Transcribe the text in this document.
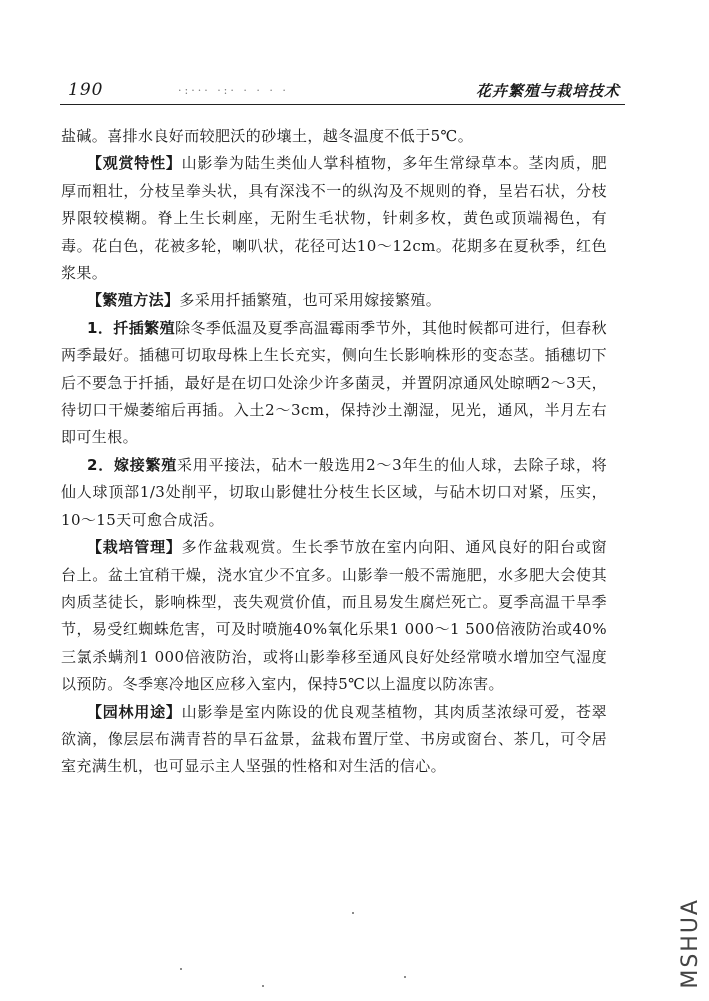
190	·:··· ·:· · · · ·	花卉繁殖与栽培技术

盐碱。喜排水良好而较肥沃的砂壤土，越冬温度不低于5℃。

【观赏特性】山影拳为陆生类仙人掌科植物，多年生常绿草本。茎肉质，肥厚而粗壮，分枝呈拳头状，具有深浅不一的纵沟及不规则的脊，呈岩石状，分枝界限较模糊。脊上生长刺座，无附生毛状物，针刺多枚，黄色或顶端褐色，有毒。花白色，花被多轮，喇叭状，花径可达10～12cm。花期多在夏秋季，红色浆果。

【繁殖方法】多采用扦插繁殖，也可采用嫁接繁殖。

1．扦插繁殖除冬季低温及夏季高温霉雨季节外，其他时候都可进行，但春秋两季最好。插穗可切取母株上生长充实，侧向生长影响株形的变态茎。插穗切下后不要急于扦插，最好是在切口处涂少许多菌灵，并置阴凉通风处晾晒2～3天，待切口干燥萎缩后再插。入土2～3cm，保持沙土潮湿，见光，通风，半月左右即可生根。

2．嫁接繁殖采用平接法，砧木一般选用2～3年生的仙人球，去除子球，将仙人球顶部1/3处削平，切取山影健壮分枝生长区域，与砧木切口对紧，压实，10～15天可愈合成活。

【栽培管理】多作盆栽观赏。生长季节放在室内向阳、通风良好的阳台或窗台上。盆土宜稍干燥，浇水宜少不宜多。山影拳一般不需施肥，水多肥大会使其肉质茎徒长，影响株型，丧失观赏价值，而且易发生腐烂死亡。夏季高温干旱季节，易受红蜘蛛危害，可及时喷施40%氧化乐果1 000～1 500倍液防治或40%三氯杀螨剂1 000倍液防治，或将山影拳移至通风良好处经常喷水增加空气湿度以预防。冬季寒冷地区应移入室内，保持5℃以上温度以防冻害。

【园林用途】山影拳是室内陈设的优良观茎植物，其肉质茎浓绿可爱，苍翠欲滴，像层层布满青苔的旱石盆景，盆栽布置厅堂、书房或窗台、茶几，可令居室充满生机，也可显示主人坚强的性格和对生活的信心。

MSHUA
